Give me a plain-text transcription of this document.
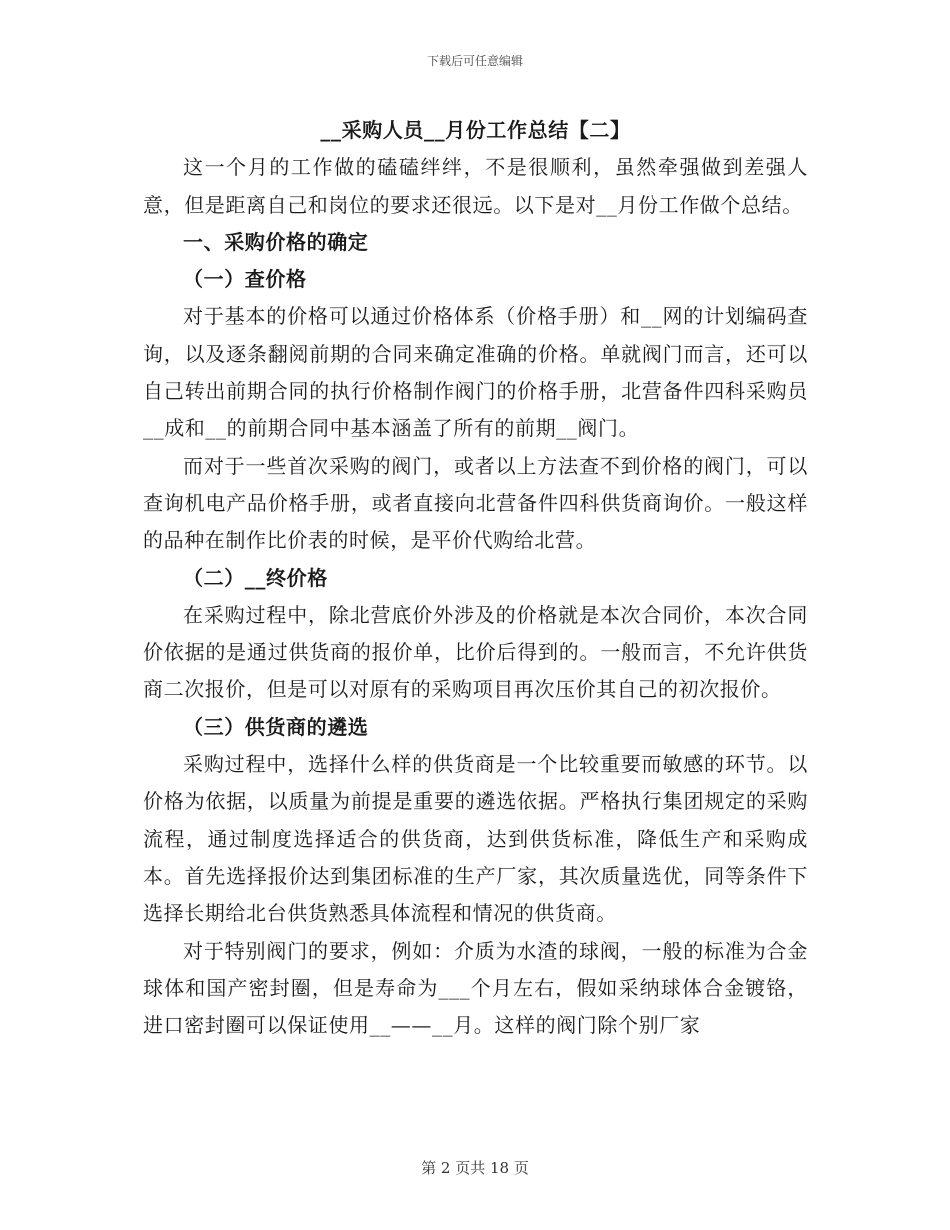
下载后可任意编辑

__采购人员__月份工作总结【二】

这一个月的工作做的磕磕绊绊，不是很顺利，虽然牵强做到差强人意，但是距离自己和岗位的要求还很远。以下是对__月份工作做个总结。

一、采购价格的确定

（一）查价格

对于基本的价格可以通过价格体系（价格手册）和__网的计划编码查询，以及逐条翻阅前期的合同来确定准确的价格。单就阀门而言，还可以自己转出前期合同的执行价格制作阀门的价格手册，北营备件四科采购员__成和__的前期合同中基本涵盖了所有的前期__阀门。

而对于一些首次采购的阀门，或者以上方法查不到价格的阀门，可以查询机电产品价格手册，或者直接向北营备件四科供货商询价。一般这样的品种在制作比价表的时候，是平价代购给北营。

（二）__终价格

在采购过程中，除北营底价外涉及的价格就是本次合同价，本次合同价依据的是通过供货商的报价单，比价后得到的。一般而言，不允许供货商二次报价，但是可以对原有的采购项目再次压价其自己的初次报价。

（三）供货商的遴选

采购过程中，选择什么样的供货商是一个比较重要而敏感的环节。以价格为依据，以质量为前提是重要的遴选依据。严格执行集团规定的采购流程，通过制度选择适合的供货商，达到供货标准，降低生产和采购成本。首先选择报价达到集团标准的生产厂家，其次质量选优，同等条件下选择长期给北台供货熟悉具体流程和情况的供货商。

对于特别阀门的要求，例如：介质为水渣的球阀，一般的标准为合金球体和国产密封圈，但是寿命为___个月左右，假如采纳球体合金镀铬，进口密封圈可以保证使用__——__月。这样的阀门除个别厂家

第 2 页共 18 页
